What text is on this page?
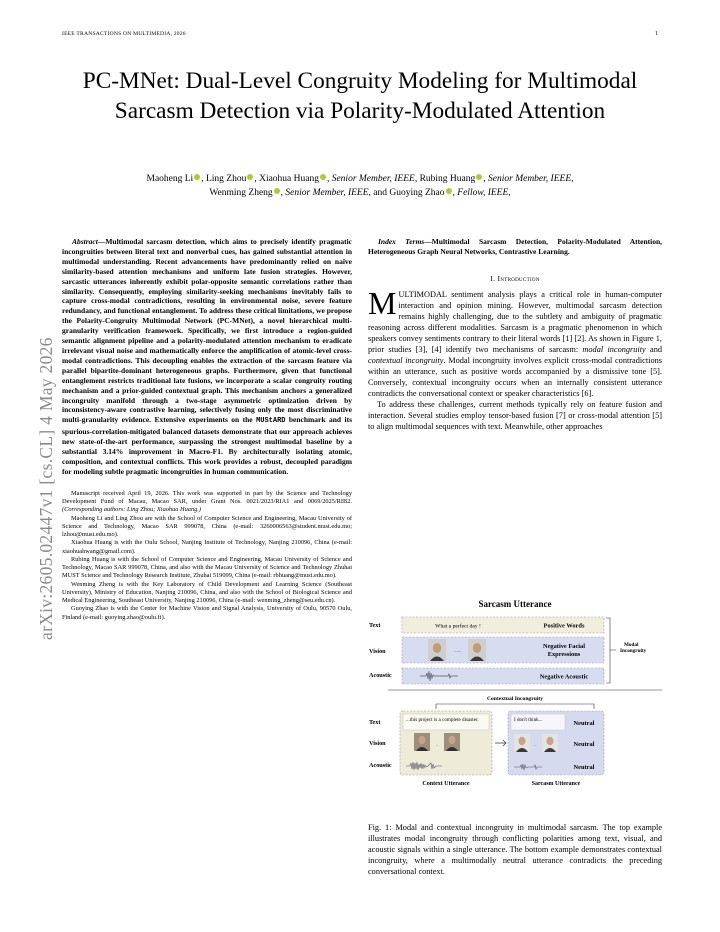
IEEE TRANSACTIONS ON MULTIMEDIA, 2026	1
arXiv:2605.02447v1 [cs.CL] 4 May 2026
PC-MNet: Dual-Level Congruity Modeling for Multimodal Sarcasm Detection via Polarity-Modulated Attention
Maoheng Li , Ling Zhou , Xiaohua Huang , Senior Member, IEEE, Rubing Huang , Senior Member, IEEE,
Wenming Zheng , Senior Member, IEEE, and Guoying Zhao , Fellow, IEEE,
Abstract—Multimodal sarcasm detection, which aims to precisely identify pragmatic incongruities between literal text and nonverbal cues, has gained substantial attention in multimodal understanding. Recent advancements have predominantly relied on naïve similarity-based attention mechanisms and uniform late fusion strategies. However, sarcastic utterances inherently exhibit polar-opposite semantic correlations rather than similarity. Consequently, employing similarity-seeking mechanisms inevitably fails to capture cross-modal contradictions, resulting in environmental noise, severe feature redundancy, and functional entanglement. To address these critical limitations, we propose the Polarity-Congruity Multimodal Network (PC-MNet), a novel hierarchical multi-granularity verification framework. Specifically, we first introduce a region-guided semantic alignment pipeline and a polarity-modulated attention mechanism to eradicate irrelevant visual noise and mathematically enforce the amplification of atomic-level cross-modal contradictions. This decoupling enables the extraction of the sarcasm feature via parallel bipartite-dominant heterogeneous graphs. Furthermore, given that functional entanglement restricts traditional late fusions, we incorporate a scalar congruity routing mechanism and a prior-guided contextual graph. This mechanism anchors a generalized incongruity manifold through a two-stage asymmetric optimization driven by inconsistency-aware contrastive learning, selectively fusing only the most discriminative multi-granularity evidence. Extensive experiments on the MUStARD benchmark and its spurious-correlation-mitigated balanced datasets demonstrate that our approach achieves new state-of-the-art performance, surpassing the strongest multimodal baseline by a substantial 3.14% improvement in Macro-F1. By architecturally isolating atomic, composition, and contextual conflicts. This work provides a robust, decoupled paradigm for modeling subtle pragmatic incongruities in human communication.

Manuscript received April 19, 2026. This work was supported in part by the Science and Technology Development Fund of Macau, Macao SAR, under Grant Nos. 0021/2023/RIA1 and 0069/2025/RIB2. (Corresponding authors: Ling Zhou; Xiaohua Huang.)

Maoheng Li and Ling Zhou are with the School of Computer Science and Engineering, Macau University of Science and Technology, Macao SAR 999078, China (e-mail: 3260006563@student.must.edu.mo; lzhou@must.edu.mo).

Xiaohua Huang is with the Oulu School, Nanjing Institute of Technology, Nanjing 210096, China (e-mail: xiaohuahwang@gmail.com).

Rubing Huang is with the School of Computer Science and Engineering, Macau University of Science and Technology, Macao SAR 999078, China, and also with the Macau University of Science and Technology Zhuhai MUST Science and Technology Research Institute, Zhuhai 519099, China (e-mail: rbhuang@must.edu.mo).

Wenming Zheng is with the Key Laboratory of Child Development and Learning Science (Southeast University), Ministry of Education, Nanjing 210096, China, and also with the School of Biological Science and Medical Engineering, Southeast University, Nanjing 210096, China (e-mail: wenming_zheng@seu.edu.cn).

Guoying Zhao is with the Center for Machine Vision and Signal Analysis, University of Oulu, 90570 Oulu, Finland (e-mail: guoying.zhao@oulu.fi).

Index Terms—Multimodal Sarcasm Detection, Polarity-Modulated Attention, Heterogeneous Graph Neural Networks, Contrastive Learning.
I. Introduction

MULTIMODAL sentiment analysis plays a critical role in human-computer interaction and opinion mining. However, multimodal sarcasm detection remains highly challenging, due to the subtlety and ambiguity of pragmatic reasoning across different modalities. Sarcasm is a pragmatic phenomenon in which speakers convey sentiments contrary to their literal words [1] [2]. As shown in Figure 1, prior studies [3], [4] identify two mechanisms of sarcasm: modal incongruity and contextual incongruity. Modal incongruity involves explicit cross-modal contradictions within an utterance, such as positive words accompanied by a dismissive tone [5]. Conversely, contextual incongruity occurs when an internally consistent utterance contradicts the conversational context or speaker characteristics [6].

To address these challenges, current methods typically rely on feature fusion and interaction. Several studies employ tensor-based fusion [7] or cross-modal attention [5] to align multimodal sequences with text. Meanwhile, other approaches

Sarcasm Utterance
Text
Vision
Acoustic
What a perfect day !	Positive Words
......
Negative Facial Expressions
Negative Acoustic
Modal Incongruity
Contextual Incongruity
Text
Vision
Acoustic
...this project is a complete disaster.
..
I don't think...	Neutral
..	Neutral
Neutral
Context Utterance	Sarcasm Utterance
Fig. 1: Modal and contextual incongruity in multimodal sarcasm. The top example illustrates modal incongruity through conflicting polarities among text, visual, and acoustic signals within a single utterance. The bottom example demonstrates contextual incongruity, where a multimodally neutral utterance contradicts the preceding conversational context.
